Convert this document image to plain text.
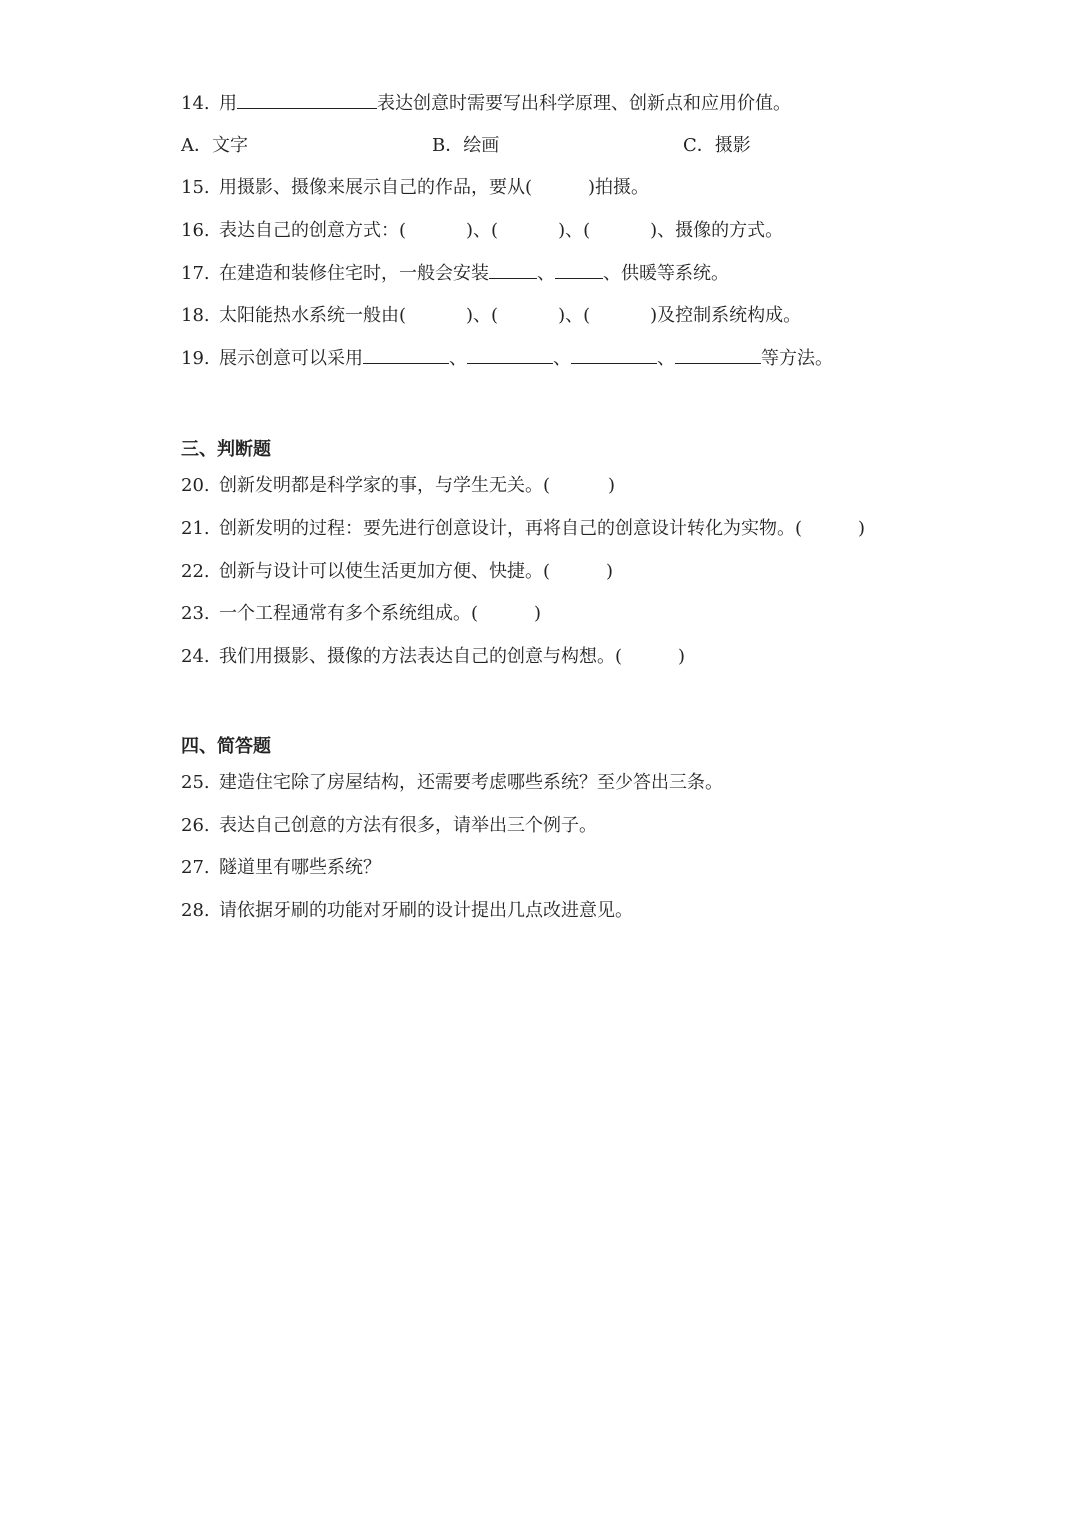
14. 用	表达创意时需要写出科学原理、创新点和应用价值。
A．文字	B．绘画	C．摄影
15. 用摄影、摄像来展示自己的作品，要从(	)拍摄。
16. 表达自己的创意方式：(	)、(	)、(	)、摄像的方式。
17. 在建造和装修住宅时，一般会安装	、	、供暖等系统。
18. 太阳能热水系统一般由(	)、(	)、(	)及控制系统构成。
19. 展示创意可以采用	、	、	、	等方法。
三、判断题
20. 创新发明都是科学家的事，与学生无关。(	)
21. 创新发明的过程：要先进行创意设计，再将自己的创意设计转化为实物。(	)
22. 创新与设计可以使生活更加方便、快捷。(	)
23. 一个工程通常有多个系统组成。(	)
24. 我们用摄影、摄像的方法表达自己的创意与构想。(	)
四、简答题
25. 建造住宅除了房屋结构，还需要考虑哪些系统？至少答出三条。
26. 表达自己创意的方法有很多，请举出三个例子。
27. 隧道里有哪些系统？
28. 请依据牙刷的功能对牙刷的设计提出几点改进意见。
